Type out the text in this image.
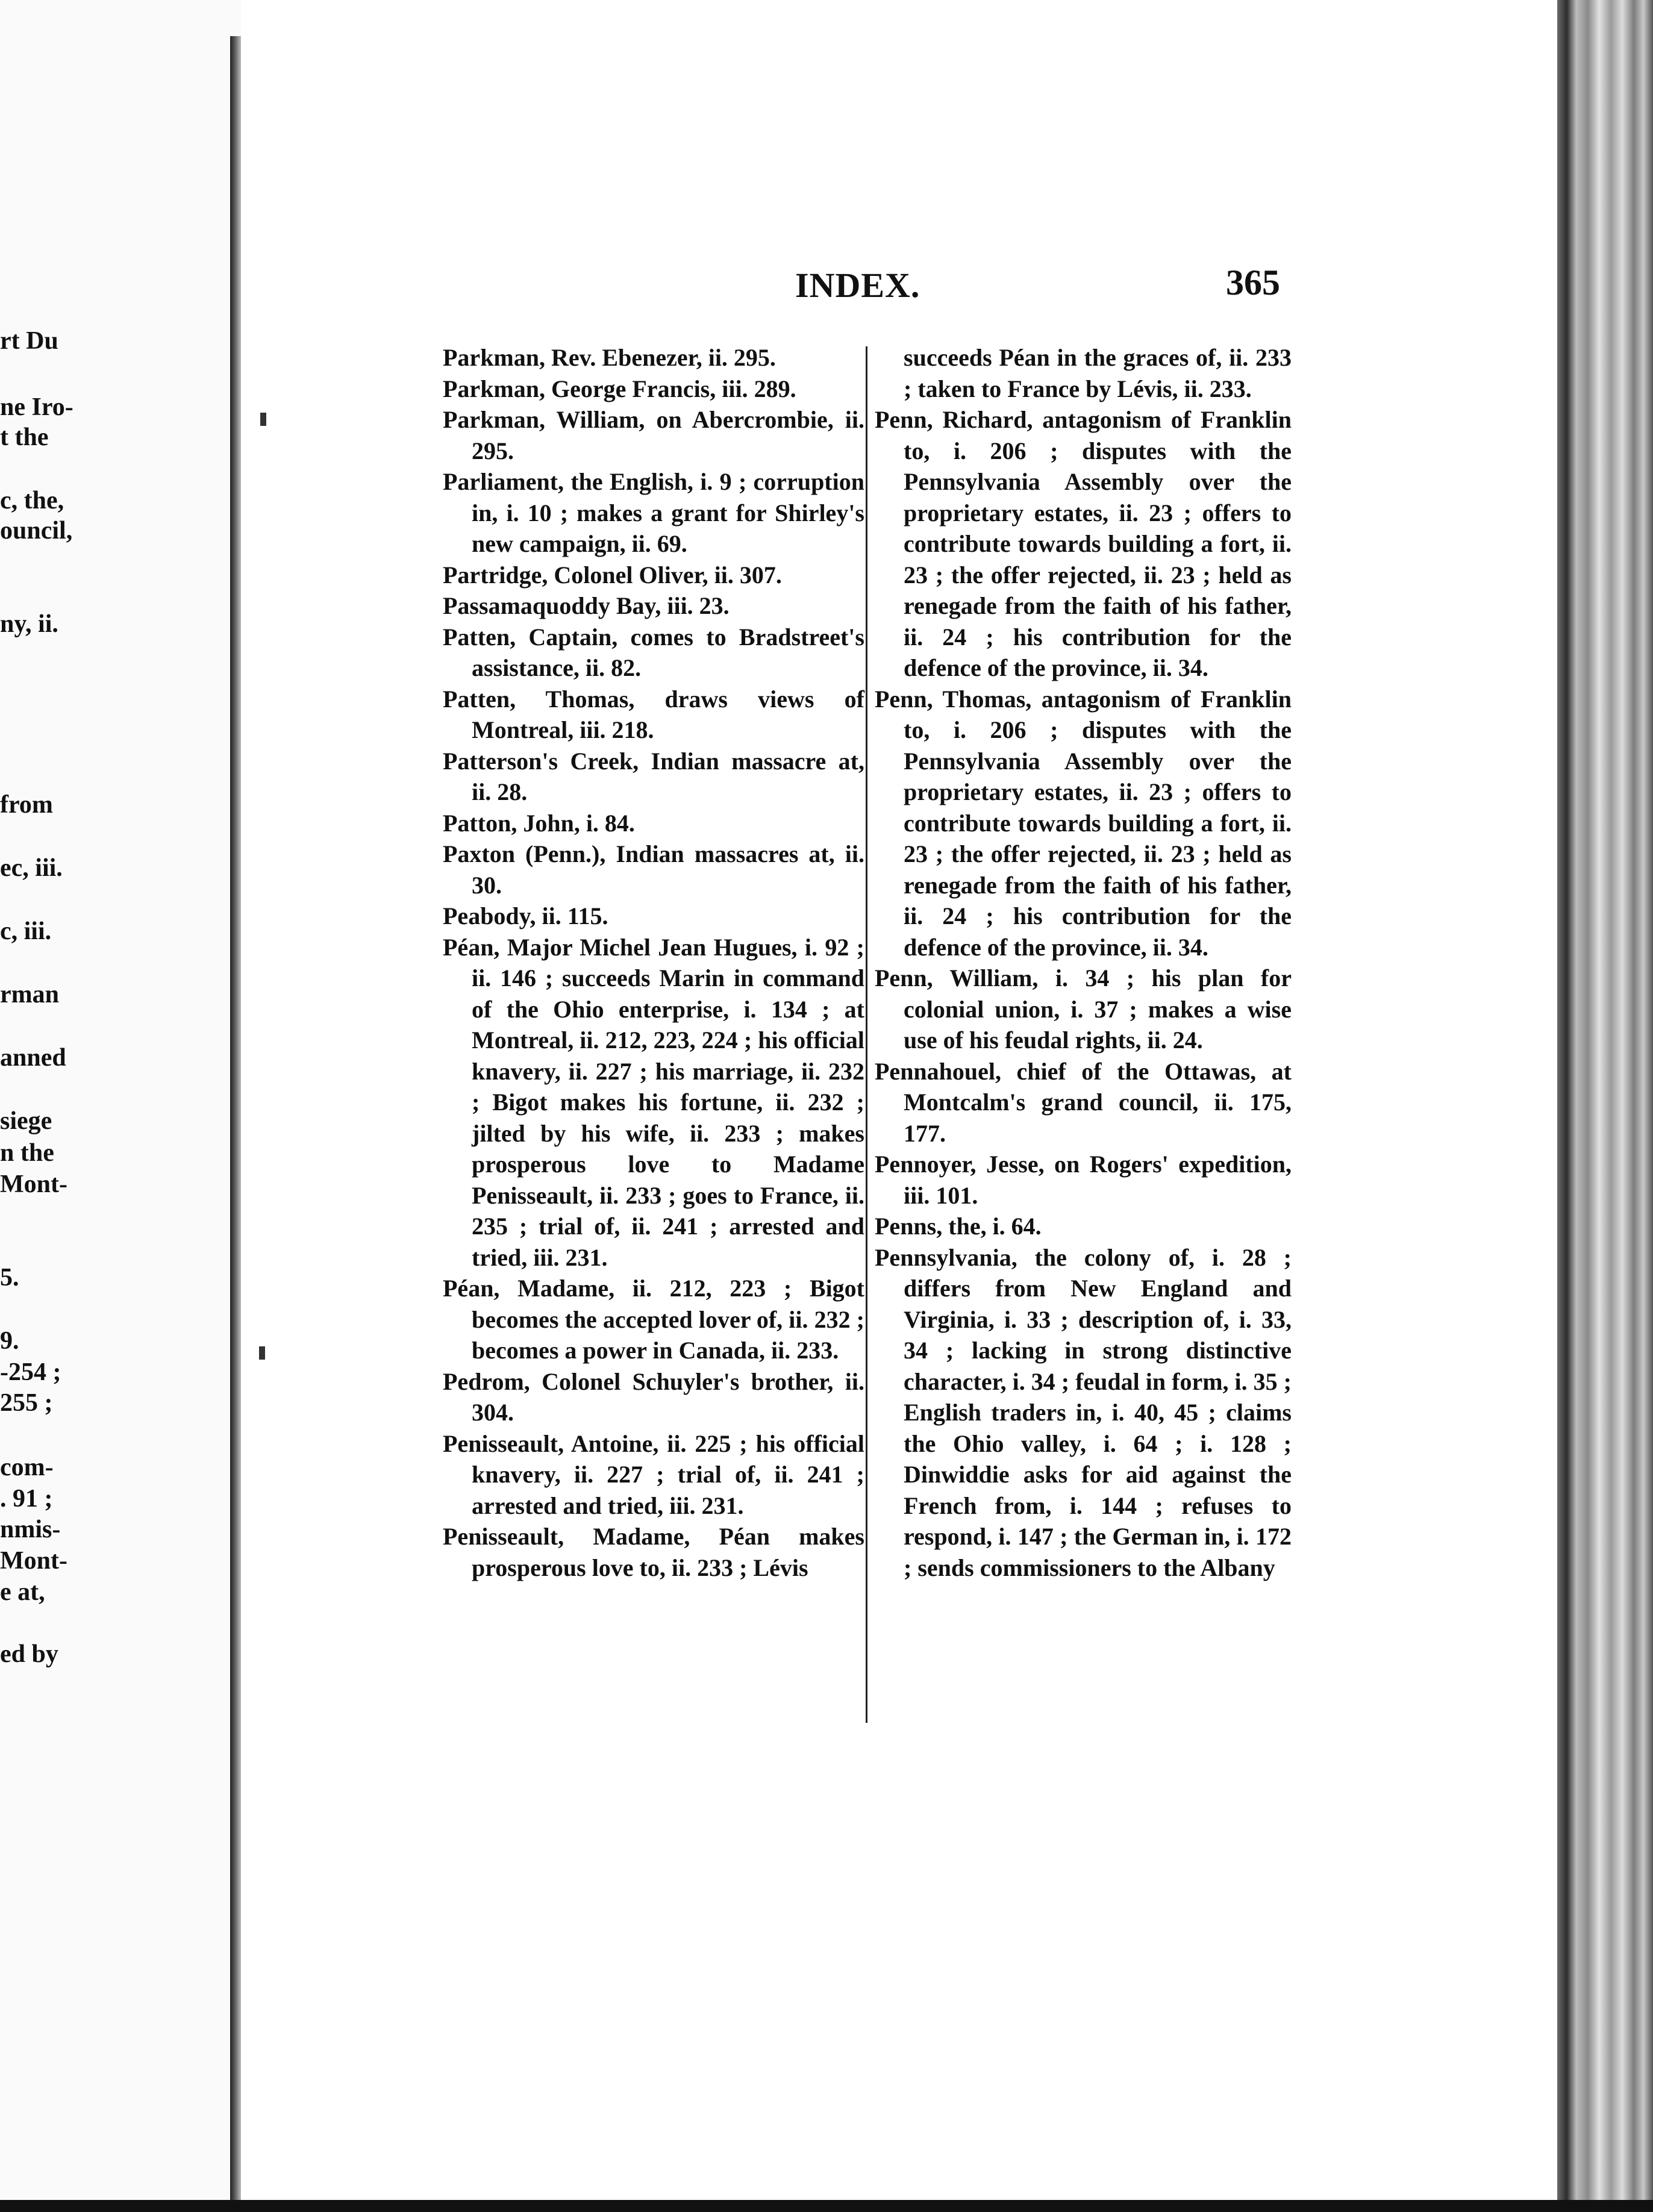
rt Du
ne Iro-
t the
c, the,
ouncil,
ny, ii.
from
ec, iii.
c, iii.
rman
anned
siege
n the
Mont-
5.
9.
-254 ;
255 ;
com-
. 91 ;
nmis-
Mont-
e at,
ed by
INDEX.	365

Parkman, Rev. Ebenezer, ii. 295.

Parkman, George Francis, iii. 289.

Parkman, William, on Abercrombie, ii. 295.

Parliament, the English, i. 9 ; corruption in, i. 10 ; makes a grant for Shirley's new campaign, ii. 69.

Partridge, Colonel Oliver, ii. 307.

Passamaquoddy Bay, iii. 23.

Patten, Captain, comes to Bradstreet's assistance, ii. 82.

Patten, Thomas, draws views of Montreal, iii. 218.

Patterson's Creek, Indian massacre at, ii. 28.

Patton, John, i. 84.

Paxton (Penn.), Indian massacres at, ii. 30.

Peabody, ii. 115.

Péan, Major Michel Jean Hugues, i. 92 ; ii. 146 ; succeeds Marin in command of the Ohio enterprise, i. 134 ; at Montreal, ii. 212, 223, 224 ; his official knavery, ii. 227 ; his marriage, ii. 232 ; Bigot makes his fortune, ii. 232 ; jilted by his wife, ii. 233 ; makes prosperous love to Madame Penisseault, ii. 233 ; goes to France, ii. 235 ; trial of, ii. 241 ; arrested and tried, iii. 231.

Péan, Madame, ii. 212, 223 ; Bigot becomes the accepted lover of, ii. 232 ; becomes a power in Canada, ii. 233.

Pedrom, Colonel Schuyler's brother, ii. 304.

Penisseault, Antoine, ii. 225 ; his official knavery, ii. 227 ; trial of, ii. 241 ; arrested and tried, iii. 231.

Penisseault, Madame, Péan makes prosperous love to, ii. 233 ; Lévis

succeeds Péan in the graces of, ii. 233 ; taken to France by Lévis, ii. 233.

Penn, Richard, antagonism of Franklin to, i. 206 ; disputes with the Pennsylvania Assembly over the proprietary estates, ii. 23 ; offers to contribute towards building a fort, ii. 23 ; the offer rejected, ii. 23 ; held as renegade from the faith of his father, ii. 24 ; his contribution for the defence of the province, ii. 34.

Penn, Thomas, antagonism of Franklin to, i. 206 ; disputes with the Pennsylvania Assembly over the proprietary estates, ii. 23 ; offers to contribute towards building a fort, ii. 23 ; the offer rejected, ii. 23 ; held as renegade from the faith of his father, ii. 24 ; his contribution for the defence of the province, ii. 34.

Penn, William, i. 34 ; his plan for colonial union, i. 37 ; makes a wise use of his feudal rights, ii. 24.

Pennahouel, chief of the Ottawas, at Montcalm's grand council, ii. 175, 177.

Pennoyer, Jesse, on Rogers' expedition, iii. 101.

Penns, the, i. 64.

Pennsylvania, the colony of, i. 28 ; differs from New England and Virginia, i. 33 ; description of, i. 33, 34 ; lacking in strong distinctive character, i. 34 ; feudal in form, i. 35 ; English traders in, i. 40, 45 ; claims the Ohio valley, i. 64 ; i. 128 ; Dinwiddie asks for aid against the French from, i. 144 ; refuses to respond, i. 147 ; the German in, i. 172 ; sends commissioners to the Albany
